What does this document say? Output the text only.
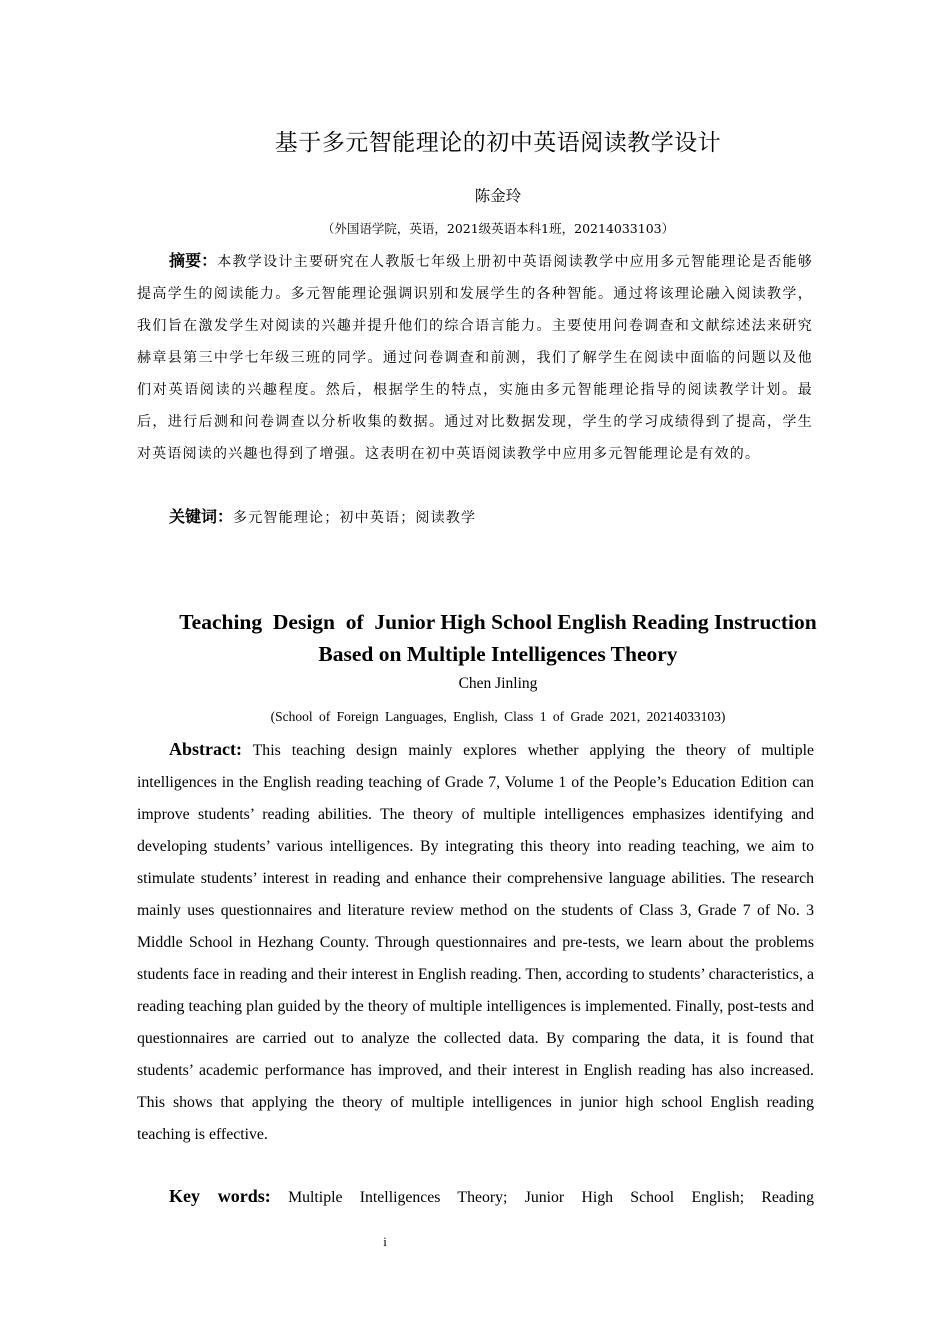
基于多元智能理论的初中英语阅读教学设计
陈金玲
（外国语学院，英语，2021级英语本科1班，20214033103）

摘要：本教学设计主要研究在人教版七年级上册初中英语阅读教学中应用多元智能理论是否能够提高学生的阅读能力。多元智能理论强调识别和发展学生的各种智能。通过将该理论融入阅读教学，我们旨在激发学生对阅读的兴趣并提升他们的综合语言能力。主要使用问卷调查和文献综述法来研究赫章县第三中学七年级三班的同学。通过问卷调查和前测，我们了解学生在阅读中面临的问题以及他们对英语阅读的兴趣程度。然后，根据学生的特点，实施由多元智能理论指导的阅读教学计划。最后，进行后测和问卷调查以分析收集的数据。通过对比数据发现，学生的学习成绩得到了提高，学生对英语阅读的兴趣也得到了增强。这表明在初中英语阅读教学中应用多元智能理论是有效的。

关键词：多元智能理论；初中英语；阅读教学

Teaching  Design  of  Junior High School English Reading Instruction
Based on Multiple Intelligences Theory
Chen Jinling
(School of Foreign Languages, English, Class 1 of Grade 2021, 20214033103)

Abstract: This teaching design mainly explores whether applying the theory of multiple intelligences in the English reading teaching of Grade 7, Volume 1 of the People’s Education Edition can improve students’ reading abilities. The theory of multiple intelligences emphasizes identifying and developing students’ various intelligences. By integrating this theory into reading teaching, we aim to stimulate students’ interest in reading and enhance their comprehensive language abilities. The research mainly uses questionnaires and literature review method on the students of Class 3, Grade 7 of No. 3 Middle School in Hezhang County. Through questionnaires and pre-tests, we learn about the problems students face in reading and their interest in English reading. Then, according to students’ characteristics, a reading teaching plan guided by the theory of multiple intelligences is implemented. Finally, post-tests and questionnaires are carried out to analyze the collected data. By comparing the data, it is found that students’ academic performance has improved, and their interest in English reading has also increased. This shows that applying the theory of multiple intelligences in junior high school English reading teaching is effective.

Key words: Multiple Intelligences Theory; Junior High School English; Reading

i
